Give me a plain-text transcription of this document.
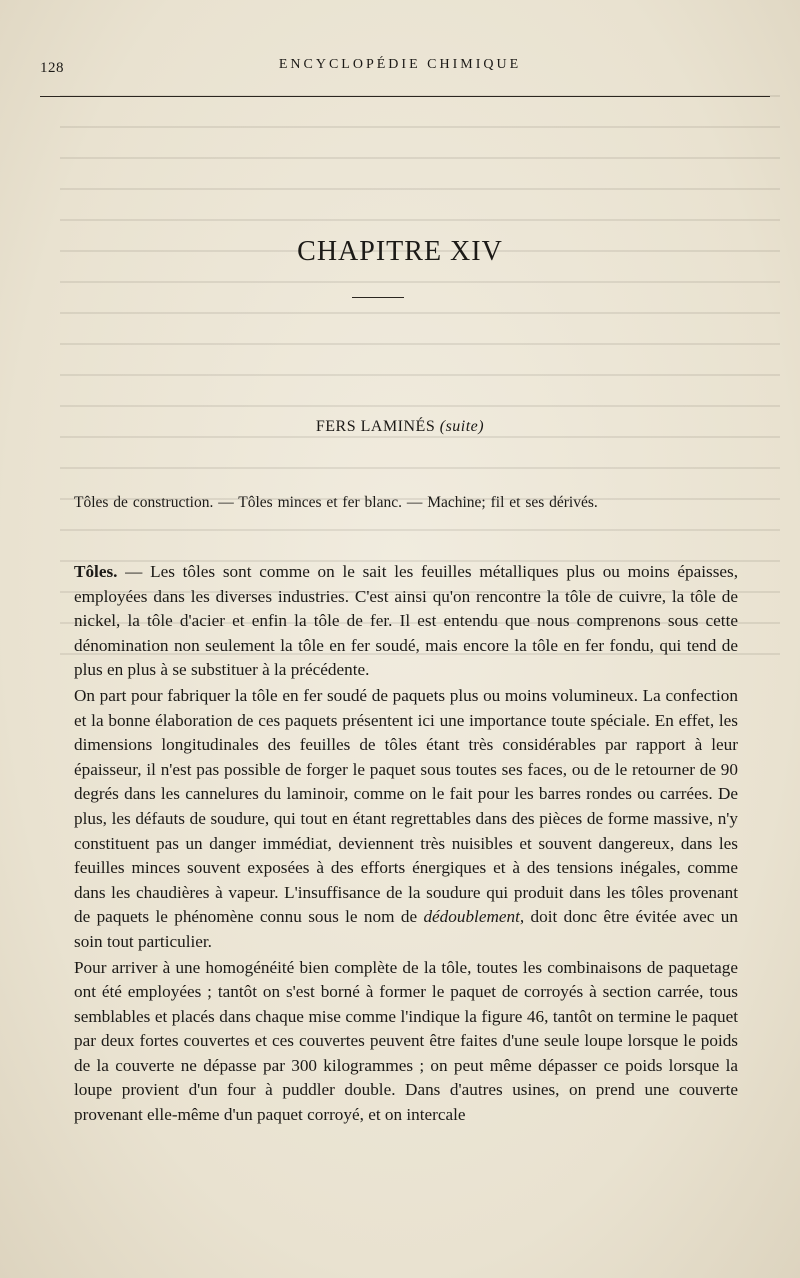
128	ENCYCLOPÉDIE CHIMIQUE
CHAPITRE XIV
FERS LAMINÉS (suite)
Tôles de construction. — Tôles minces et fer blanc. — Machine; fil et ses dérivés.

Tôles. — Les tôles sont comme on le sait les feuilles métalliques plus ou moins épaisses, employées dans les diverses industries. C'est ainsi qu'on rencontre la tôle de cuivre, la tôle de nickel, la tôle d'acier et enfin la tôle de fer. Il est entendu que nous comprenons sous cette dénomination non seulement la tôle en fer soudé, mais encore la tôle en fer fondu, qui tend de plus en plus à se substituer à la précédente.

On part pour fabriquer la tôle en fer soudé de paquets plus ou moins volumineux. La confection et la bonne élaboration de ces paquets présentent ici une importance toute spéciale. En effet, les dimensions longitudinales des feuilles de tôles étant très considérables par rapport à leur épaisseur, il n'est pas possible de forger le paquet sous toutes ses faces, ou de le retourner de 90 degrés dans les cannelures du laminoir, comme on le fait pour les barres rondes ou carrées. De plus, les défauts de soudure, qui tout en étant regrettables dans des pièces de forme massive, n'y constituent pas un danger immédiat, deviennent très nuisibles et souvent dangereux, dans les feuilles minces souvent exposées à des efforts énergiques et à des tensions inégales, comme dans les chaudières à vapeur. L'insuffisance de la soudure qui produit dans les tôles provenant de paquets le phénomène connu sous le nom de dédoublement, doit donc être évitée avec un soin tout particulier.

Pour arriver à une homogénéité bien complète de la tôle, toutes les combinaisons de paquetage ont été employées ; tantôt on s'est borné à former le paquet de corroyés à section carrée, tous semblables et placés dans chaque mise comme l'indique la figure 46, tantôt on termine le paquet par deux fortes couvertes et ces couvertes peuvent être faites d'une seule loupe lorsque le poids de la couverte ne dépasse par 300 kilogrammes ; on peut même dépasser ce poids lorsque la loupe provient d'un four à puddler double. Dans d'autres usines, on prend une couverte provenant elle-même d'un paquet corroyé, et on intercale
